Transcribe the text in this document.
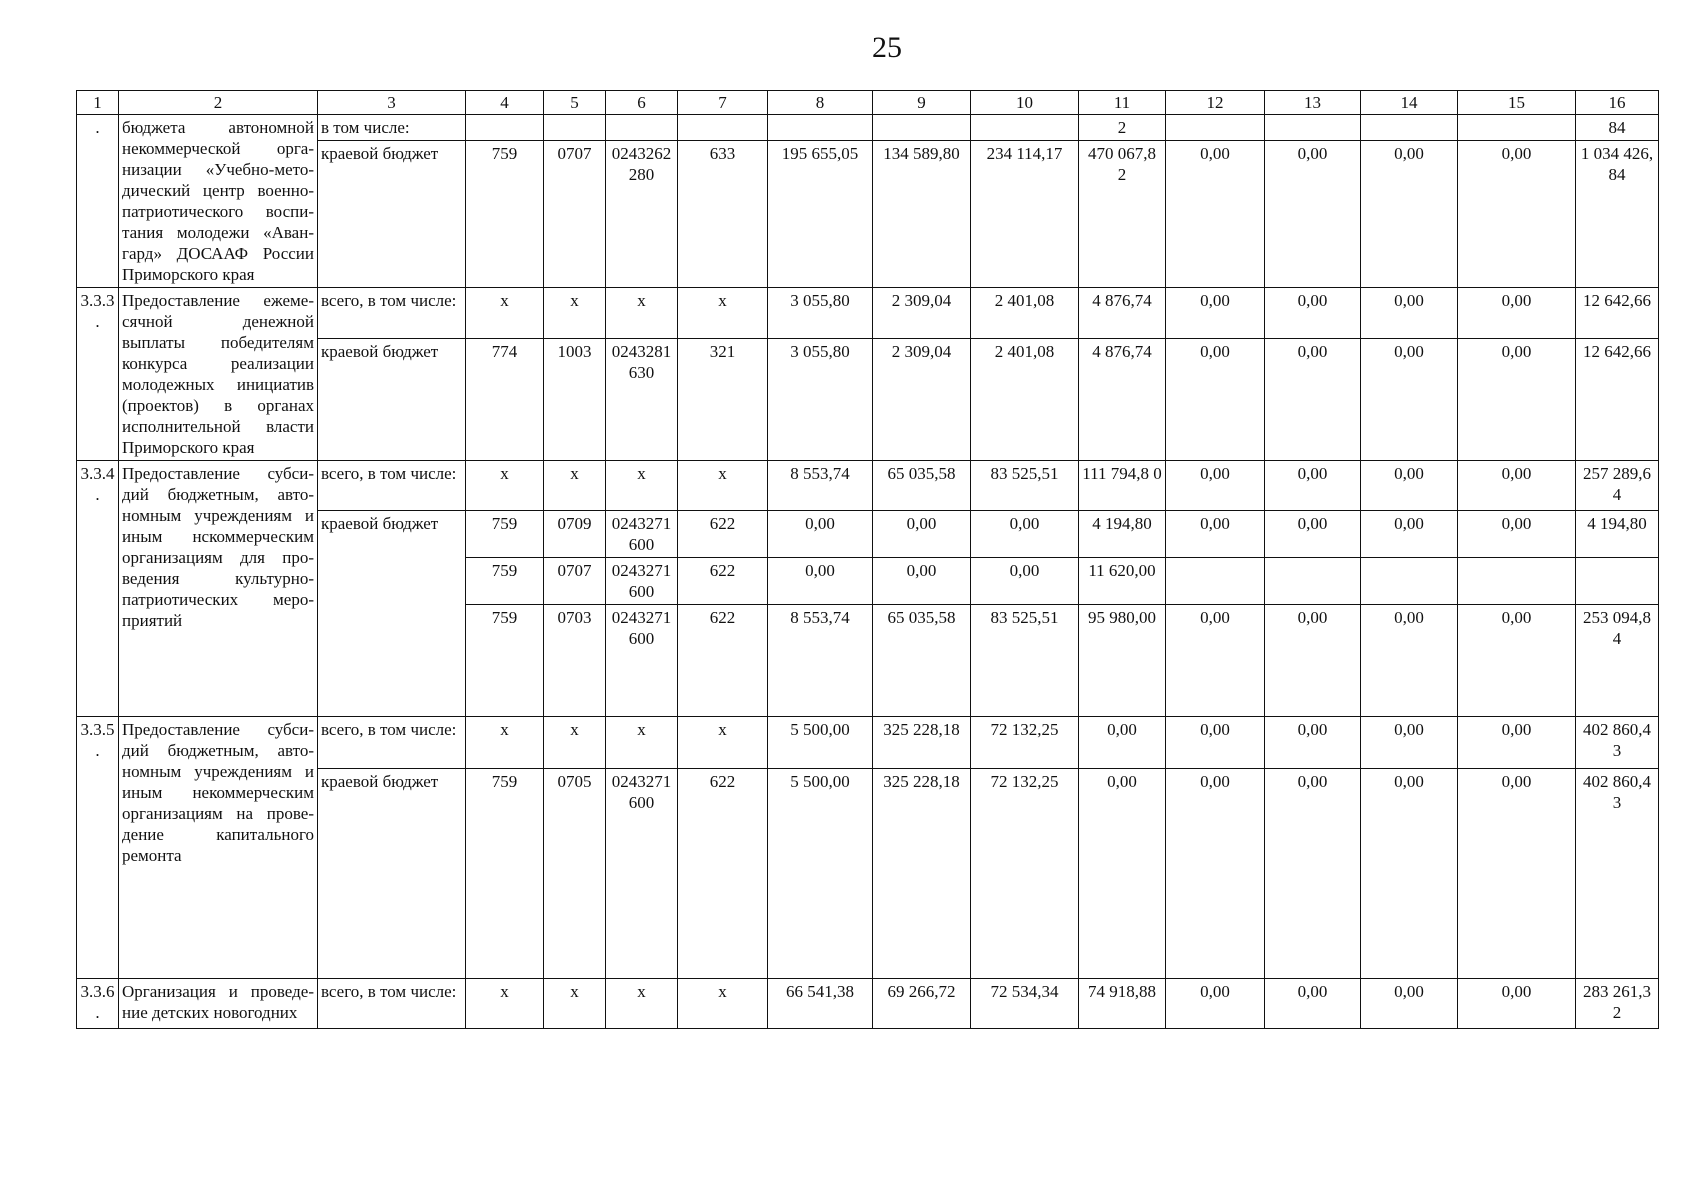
25
1	2	3	4	5	6	7	8	9	10	11	12	13	14	15	16
.	бюджета автономной некоммерческой орга-низации «Учебно-мето-дический центр военно-патриотического воспи-тания молодежи «Аван-гард» ДОСААФ России Приморского края	в том числе:								2					84
		краевой бюджет	759	0707	0243262 280	633	195 655,05	134 589,80	234 114,17	470 067,8 2	0,00	0,00	0,00	0,00	1 034 426, 84
3.3.3 .	Предоставление ежеме-сячной денежной выплаты победителям конкурса реализации молодежных инициатив (проектов) в органах исполнительной власти Приморского края	всего, в том числе:	x	x	x	x	3 055,80	2 309,04	2 401,08	4 876,74	0,00	0,00	0,00	0,00	12 642,66
		краевой бюджет	774	1003	0243281 630	321	3 055,80	2 309,04	2 401,08	4 876,74	0,00	0,00	0,00	0,00	12 642,66
3.3.4 .	Предоставление субси-дий бюджетным, авто-номным учреждениям и иным нскоммерческим организациям для про-ведения культурно-патриотических меро-приятий	всего, в том числе:	x	x	x	x	8 553,74	65 035,58	83 525,51	111 794,8 0	0,00	0,00	0,00	0,00	257 289,6 4
		краевой бюджет	759	0709	0243271 600	622	0,00	0,00	0,00	4 194,80	0,00	0,00	0,00	0,00	4 194,80
			759	0707	0243271 600	622	0,00	0,00	0,00	11 620,00					
			759	0703	0243271 600	622	8 553,74	65 035,58	83 525,51	95 980,00	0,00	0,00	0,00	0,00	253 094,8 4
3.3.5 .	Предоставление субси-дий бюджетным, авто-номным учреждениям и иным некоммерческим организациям на прове-дение капитального ремонта	всего, в том числе:	x	x	x	x	5 500,00	325 228,18	72 132,25	0,00	0,00	0,00	0,00	0,00	402 860,4 3
		краевой бюджет	759	0705	0243271 600	622	5 500,00	325 228,18	72 132,25	0,00	0,00	0,00	0,00	0,00	402 860,4 3
3.3.6 .	Организация и проведе-ние детских новогодних	всего, в том числе:	x	x	x	x	66 541,38	69 266,72	72 534,34	74 918,88	0,00	0,00	0,00	0,00	283 261,3 2
